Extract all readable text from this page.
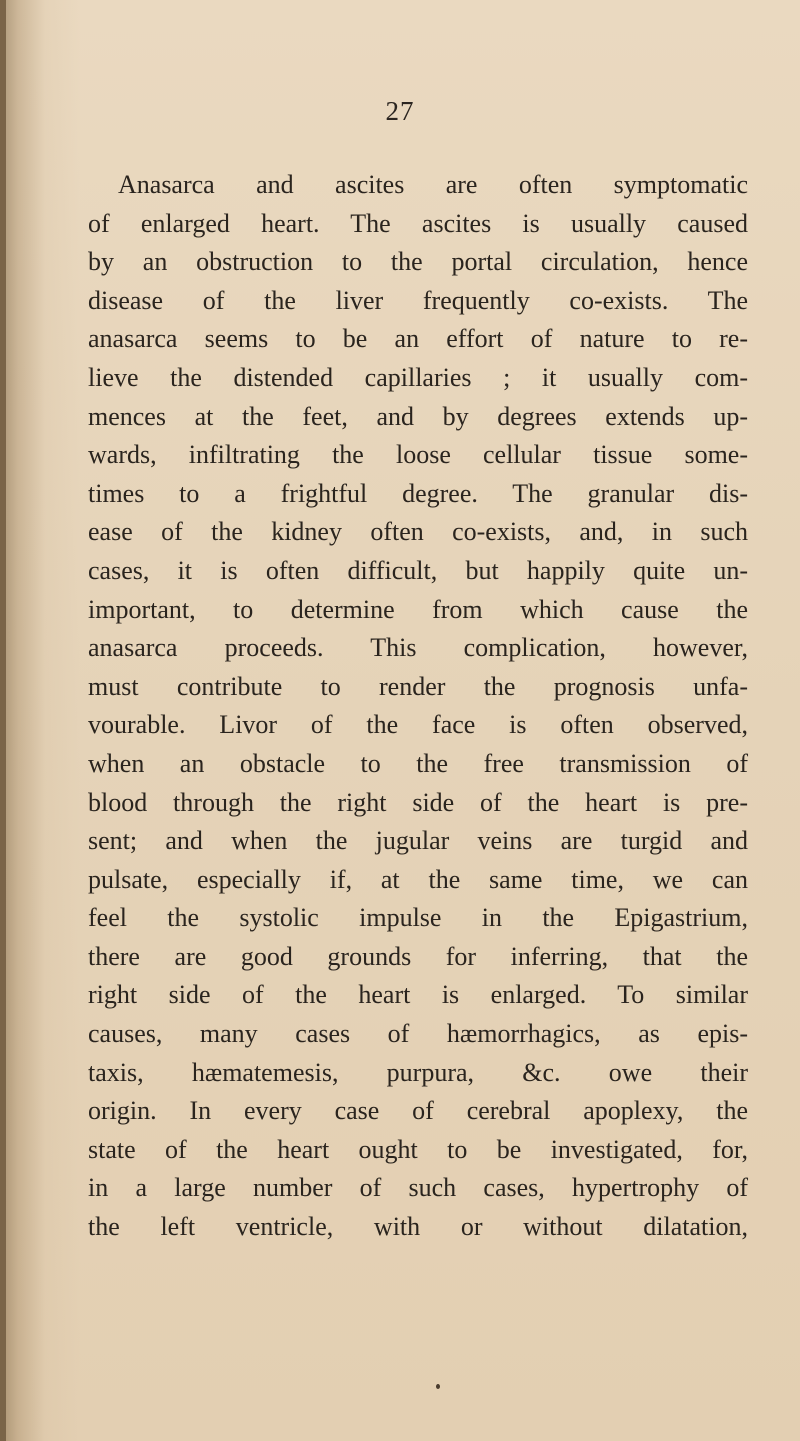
27
Anasarca and ascites are often symptomatic
of enlarged heart. The ascites is usually caused
by an obstruction to the portal circulation, hence
disease of the liver frequently co-exists. The
anasarca seems to be an effort of nature to re-
lieve the distended capillaries ; it usually com-
mences at the feet, and by degrees extends up-
wards, infiltrating the loose cellular tissue some-
times to a frightful degree. The granular dis-
ease of the kidney often co-exists, and, in such
cases, it is often difficult, but happily quite un-
important, to determine from which cause the
anasarca proceeds. This complication, however,
must contribute to render the prognosis unfa-
vourable. Livor of the face is often observed,
when an obstacle to the free transmission of
blood through the right side of the heart is pre-
sent; and when the jugular veins are turgid and
pulsate, especially if, at the same time, we can
feel the systolic impulse in the Epigastrium,
there are good grounds for inferring, that the
right side of the heart is enlarged. To similar
causes, many cases of hæmorrhagics, as epis-
taxis, hæmatemesis, purpura, &c. owe their
origin. In every case of cerebral apoplexy, the
state of the heart ought to be investigated, for,
in a large number of such cases, hypertrophy of
the left ventricle, with or without dilatation,
